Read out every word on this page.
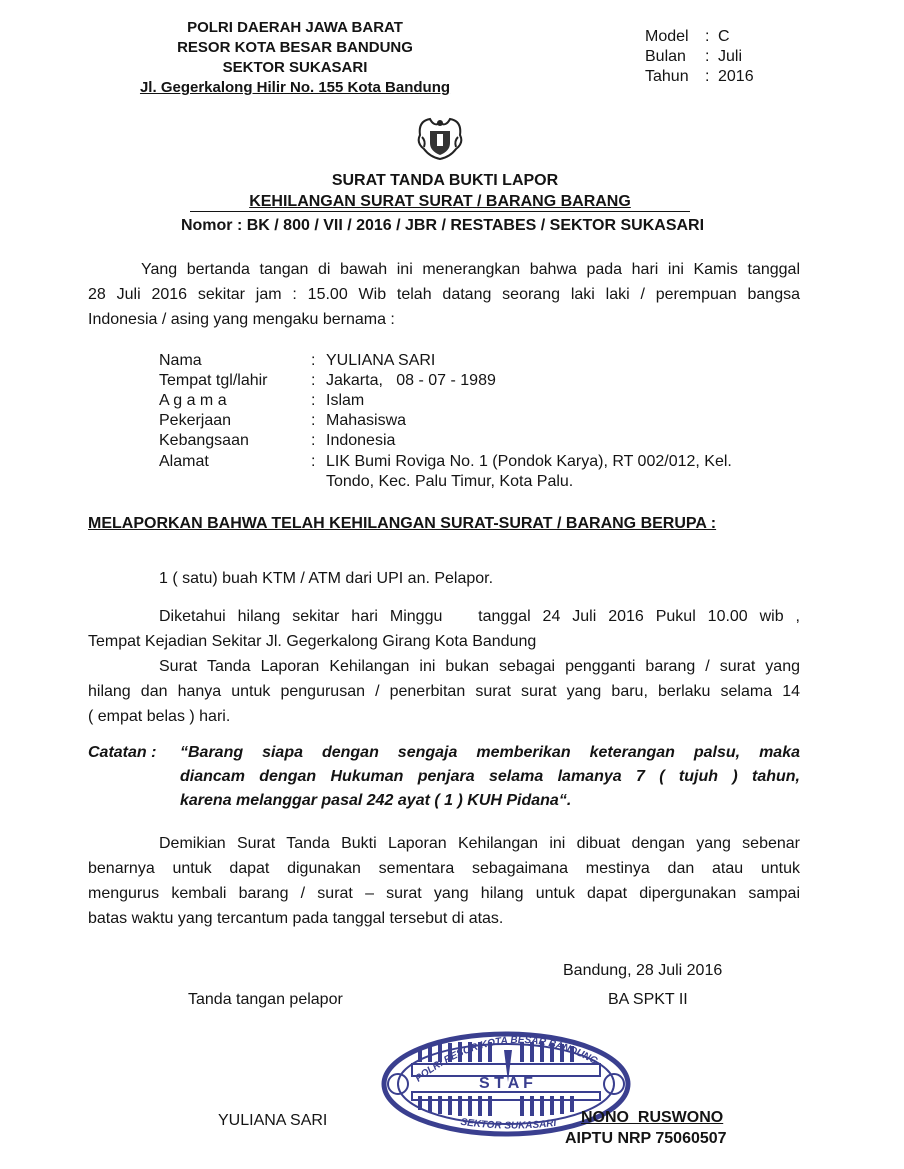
POLRI DAERAH JAWA BARAT
RESOR KOTA BESAR BANDUNG
SEKTOR SUKASARI
Jl. Gegerkalong Hilir No. 155 Kota Bandung
Model : C
Bulan : Juli
Tahun : 2016
SURAT TANDA BUKTI LAPOR
KEHILANGAN SURAT SURAT / BARANG BARANG
Nomor : BK / 800 / VII / 2016 / JBR / RESTABES / SEKTOR SUKASARI
Yang bertanda tangan di bawah ini menerangkan bahwa pada hari ini Kamis tanggal
28 Juli 2016 sekitar jam : 15.00 Wib telah datang seorang laki laki / perempuan bangsa
Indonesia / asing yang mengaku bernama :
Nama	: YULIANA SARI
Tempat tgl/lahir	: Jakarta,   08 - 07 - 1989
A g a m a	: Islam
Pekerjaan	: Mahasiswa
Kebangsaan	: Indonesia
Alamat	: LIK Bumi Roviga No. 1 (Pondok Karya), RT 002/012, Kel.
Tondo, Kec. Palu Timur, Kota Palu.
MELAPORKAN BAHWA TELAH KEHILANGAN SURAT-SURAT / BARANG BERUPA :
1 ( satu) buah KTM / ATM dari UPI an. Pelapor.
Diketahui hilang sekitar hari Minggu   tanggal 24 Juli 2016 Pukul 10.00 wib ,
Tempat Kejadian Sekitar Jl. Gegerkalong Girang Kota Bandung
Surat Tanda Laporan Kehilangan ini bukan sebagai pengganti barang / surat yang
hilang dan hanya untuk pengurusan / penerbitan surat surat yang baru, berlaku selama 14
( empat belas ) hari.
Catatan : “Barang siapa dengan sengaja memberikan keterangan palsu, maka
diancam dengan Hukuman penjara selama lamanya 7 ( tujuh ) tahun,
karena melanggar pasal 242 ayat ( 1 ) KUH Pidana“.
Demikian Surat Tanda Bukti Laporan Kehilangan ini dibuat dengan yang sebenar
benarnya untuk dapat digunakan sementara sebagaimana mestinya dan atau untuk
mengurus kembali barang / surat – surat yang hilang untuk dapat dipergunakan sampai
batas waktu yang tercantum pada tanggal tersebut di atas.
Bandung, 28 Juli 2016
Tanda tangan pelapor	BA SPKT II
POLRI RESOR KOTA BESAR BANDUNG
S T A F
SEKTOR SUKASARI
YULIANA SARI	NONO  RUSWONO
AIPTU NRP 75060507
